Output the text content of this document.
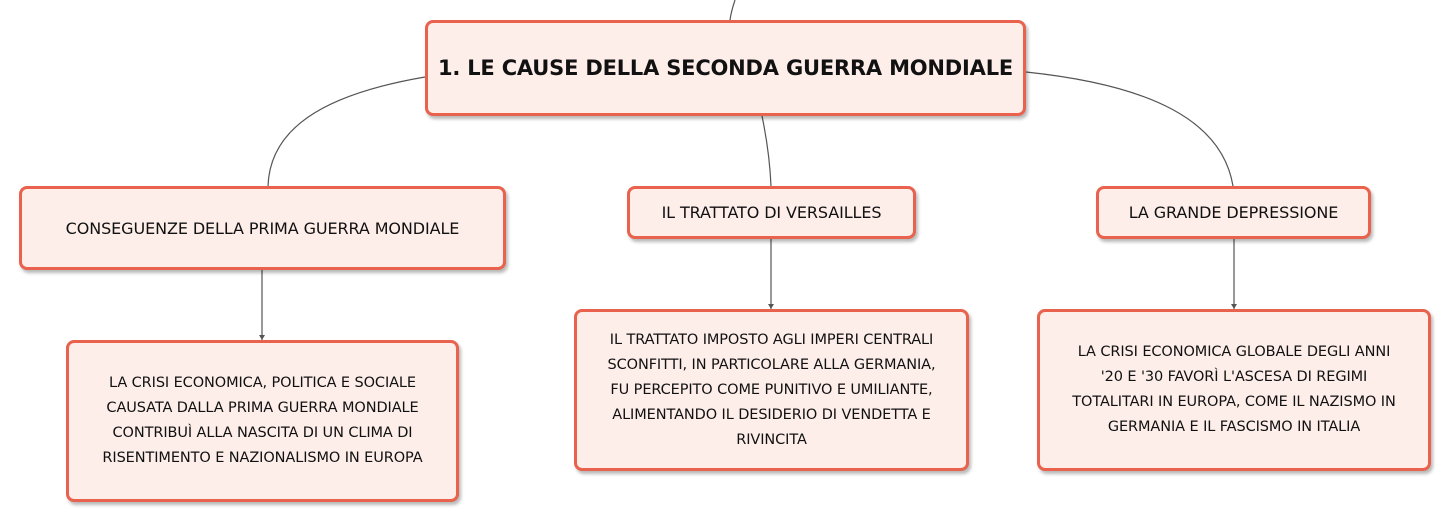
1. LE CAUSE DELLA SECONDA GUERRA MONDIALE
CONSEGUENZE DELLA PRIMA GUERRA MONDIALE
IL TRATTATO DI VERSAILLES	LA GRANDE DEPRESSIONE
LA CRISI ECONOMICA, POLITICA E SOCIALE
CAUSATA DALLA PRIMA GUERRA MONDIALE
CONTRIBUÌ ALLA NASCITA DI UN CLIMA DI
RISENTIMENTO E NAZIONALISMO IN EUROPA
IL TRATTATO IMPOSTO AGLI IMPERI CENTRALI
SCONFITTI, IN PARTICOLARE ALLA GERMANIA,
FU PERCEPITO COME PUNITIVO E UMILIANTE,
ALIMENTANDO IL DESIDERIO DI VENDETTA E
RIVINCITA
LA CRISI ECONOMICA GLOBALE DEGLI ANNI
'20 E '30 FAVORÌ L'ASCESA DI REGIMI
TOTALITARI IN EUROPA, COME IL NAZISMO IN
GERMANIA E IL FASCISMO IN ITALIA
